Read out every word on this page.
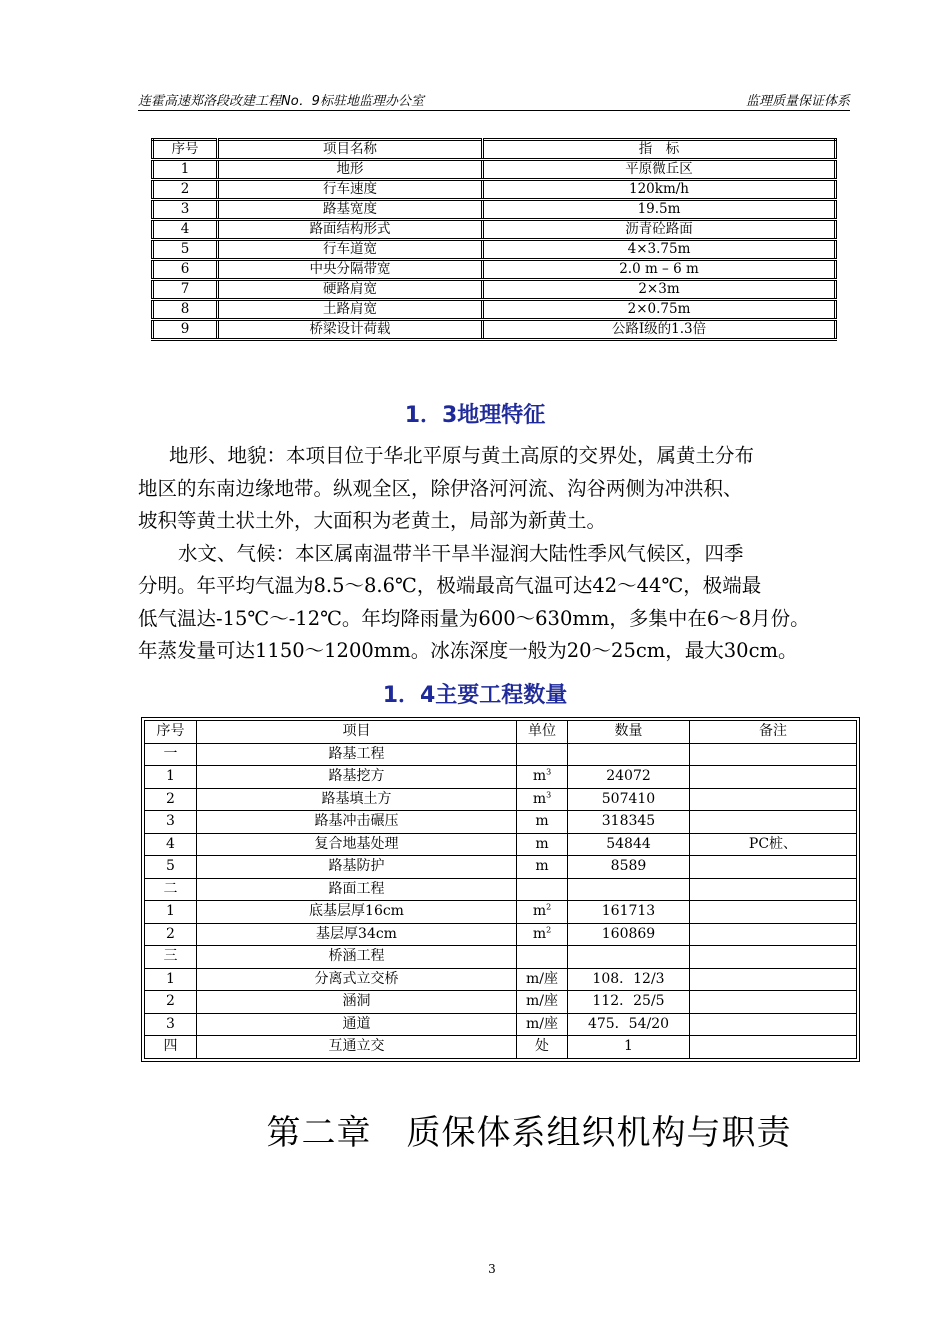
连霍高速郑洛段改建工程No．9标驻地监理办公室	监理质量保证体系
序号	项目名称	指　标
1	地形	平原微丘区
2	行车速度	120km/h
3	路基宽度	19.5m
4	路面结构形式	沥青砼路面
5	行车道宽	4×3.75m
6	中央分隔带宽	2.0 m – 6 m
7	硬路肩宽	2×3m
8	土路肩宽	2×0.75m
9	桥梁设计荷载	公路Ⅰ级的1.3倍
1．3地理特征

地形、地貌：本项目位于华北平原与黄土高原的交界处，属黄土分布

地区的东南边缘地带。纵观全区，除伊洛河河流、沟谷两侧为冲洪积、

坡积等黄土状土外，大面积为老黄土，局部为新黄土。

水文、气候：本区属南温带半干旱半湿润大陆性季风气候区，四季

分明。年平均气温为8.5～8.6℃，极端最高气温可达42～44℃，极端最

低气温达-15℃～-12℃。年均降雨量为600～630mm，多集中在6～8月份。

年蒸发量可达1150～1200mm。冰冻深度一般为20～25cm，最大30cm。

1．4主要工程数量
序号	项目	单位	数量	备注
一	路基工程			
1	路基挖方	$m^3$	24072	
2	路基填土方	$m^3$	507410	
3	路基冲击碾压	m	318345	
4	复合地基处理	m	54844	PC桩、
5	路基防护	m	8589	
二	路面工程			
1	底基层厚16cm	$m^2$	161713	
2	基层厚34cm	$m^2$	160869	
三	桥涵工程			
1	分离式立交桥	m/座	108．12/3	
2	涵洞	m/座	112．25/5	
3	通道	m/座	475．54/20	
四	互通立交	处	1	
第二章　质保体系组织机构与职责
3
